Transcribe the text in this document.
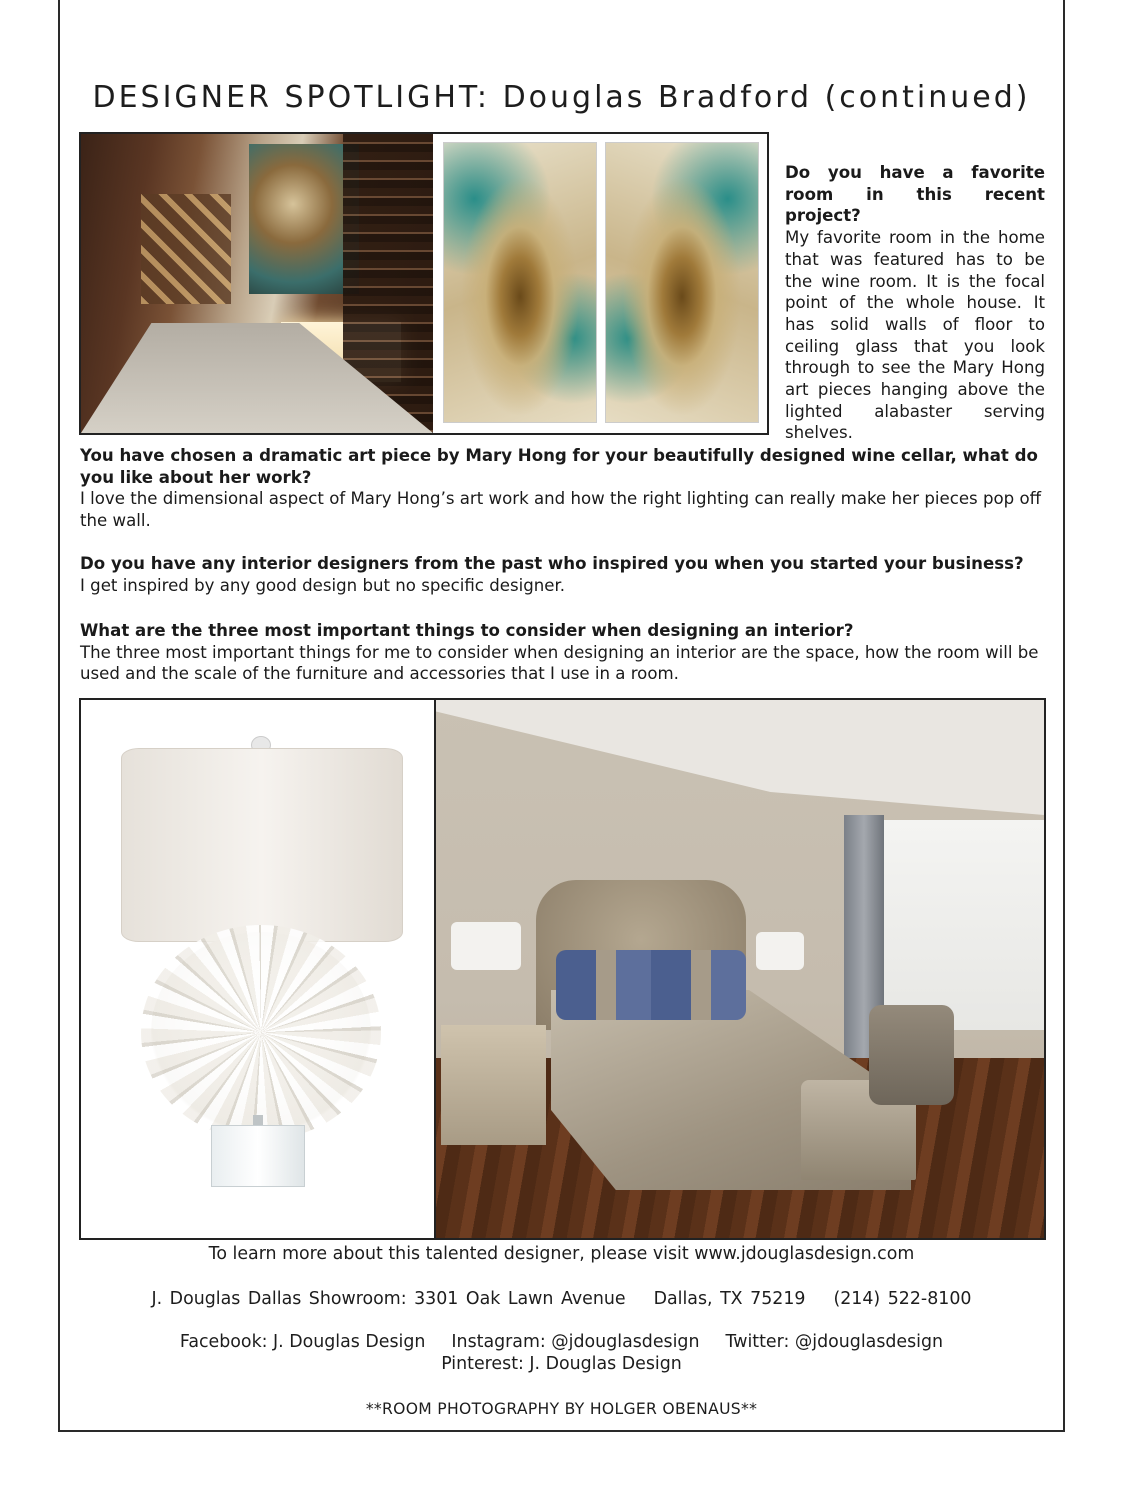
DESIGNER SPOTLIGHT: Douglas Bradford (continued)
Do you have a favorite room in this recent project?
My favorite room in the home that was featured has to be the wine room. It is the focal point of the whole house. It has solid walls of floor to ceiling glass that you look through to see the Mary Hong art pieces hanging above the lighted alabaster serving shelves.
You have chosen a dramatic art piece by Mary Hong for your beautifully designed wine cellar, what do you like about her work?
I love the dimensional aspect of Mary Hong’s art work and how the right lighting can really make her pieces pop off the wall.
Do you have any interior designers from the past who inspired you when you started your business?
I get inspired by any good design but no specific designer.
What are the three most important things to consider when designing an interior?
The three most important things for me to consider when designing an interior are the space, how the room will be used and the scale of the furniture and accessories that I use in a room.

To learn more about this talented designer, please visit www.jdouglasdesign.com

J. Douglas Dallas Showroom: 3301 Oak Lawn Avenue Dallas, TX 75219 (214) 522-8100

Facebook: J. Douglas Design Instagram: @jdouglasdesign Twitter: @jdouglasdesign

Pinterest: J. Douglas Design

**ROOM PHOTOGRAPHY BY HOLGER OBENAUS**
